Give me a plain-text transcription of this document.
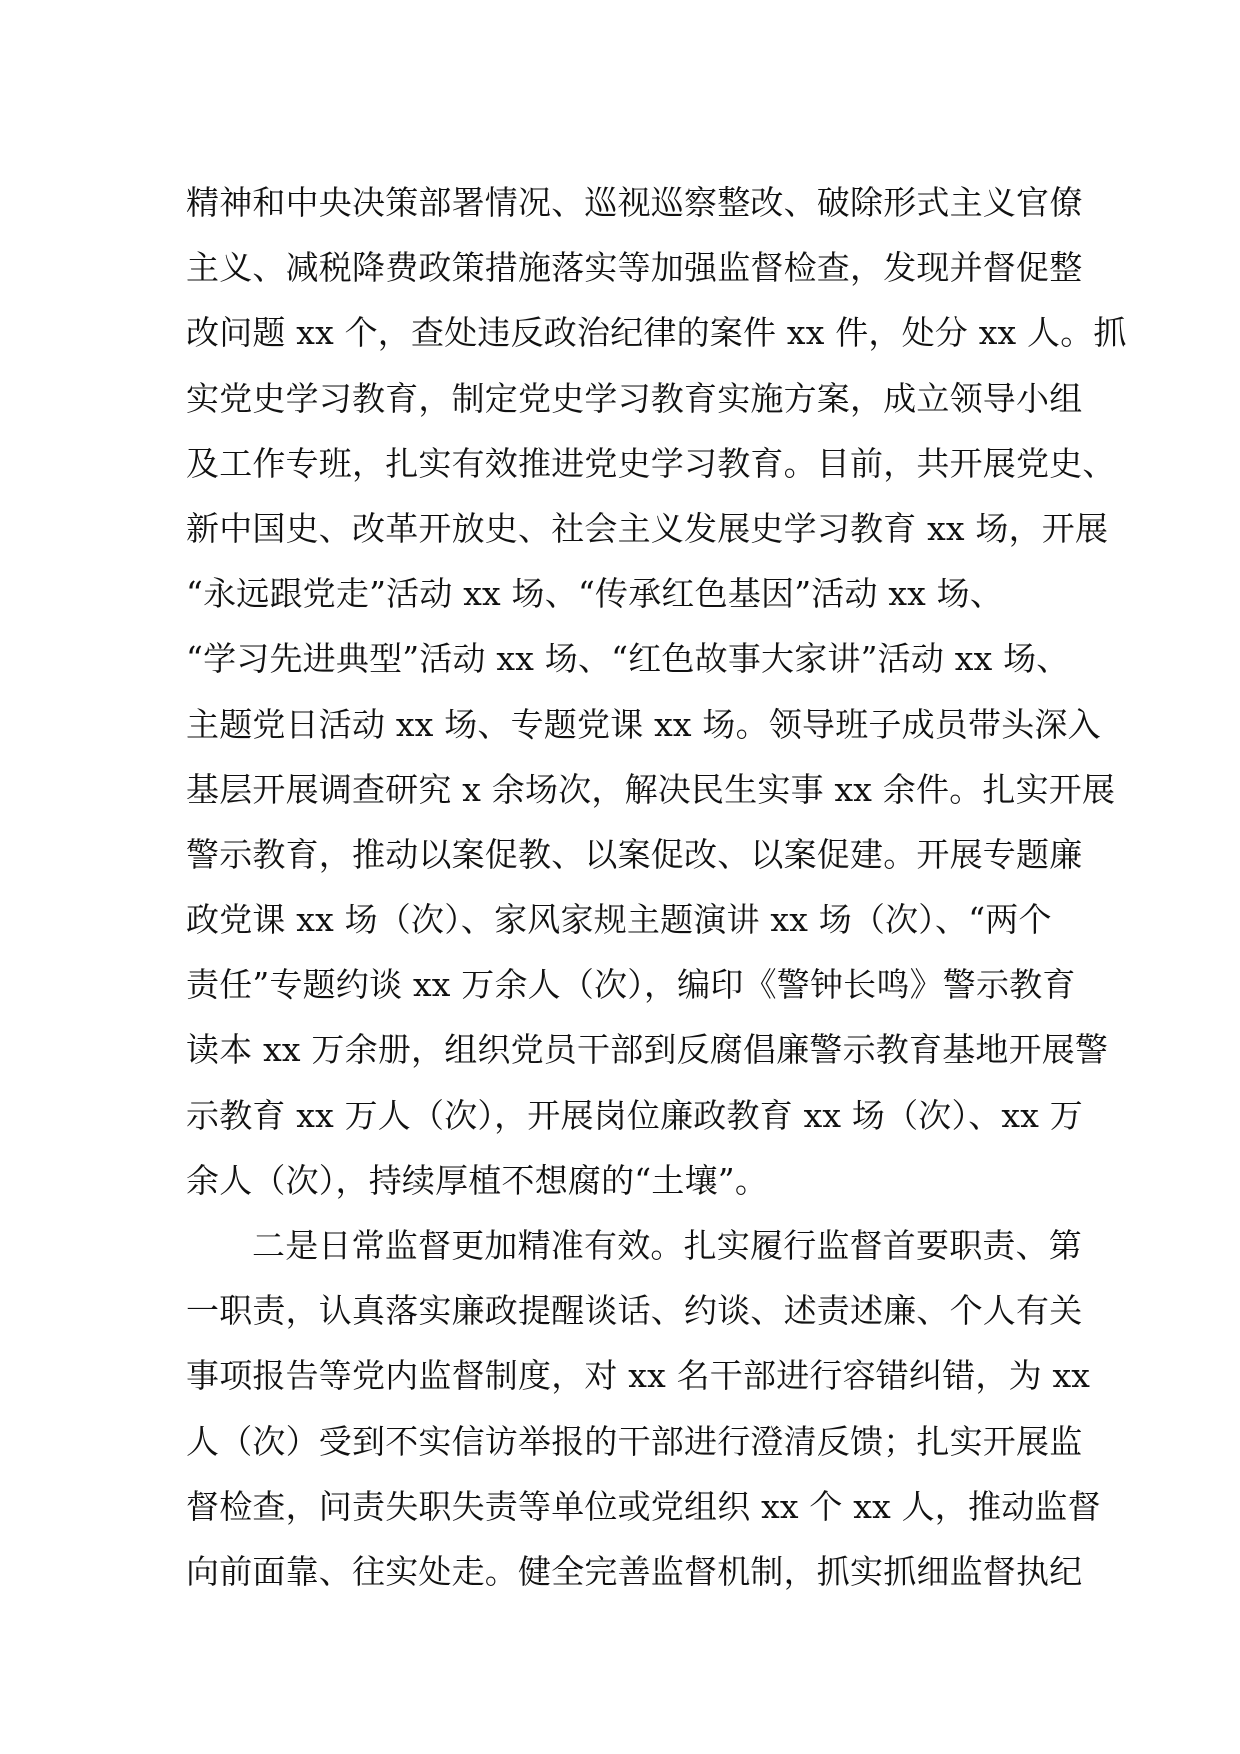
精神和中央决策部署情况、巡视巡察整改、破除形式主义官僚
主义、减税降费政策措施落实等加强监督检查，发现并督促整
改问题 xx 个，查处违反政治纪律的案件 xx 件，处分 xx 人。抓
实党史学习教育，制定党史学习教育实施方案，成立领导小组
及工作专班，扎实有效推进党史学习教育。目前，共开展党史、
新中国史、改革开放史、社会主义发展史学习教育 xx 场，开展
“永远跟党走”活动 xx 场、“传承红色基因”活动 xx 场、
“学习先进典型”活动 xx 场、“红色故事大家讲”活动 xx 场、
主题党日活动 xx 场、专题党课 xx 场。领导班子成员带头深入
基层开展调查研究 x 余场次，解决民生实事 xx 余件。扎实开展
警示教育，推动以案促教、以案促改、以案促建。开展专题廉
政党课 xx 场（次）、家风家规主题演讲 xx 场（次）、“两个
责任”专题约谈 xx 万余人（次），编印《警钟长鸣》警示教育
读本 xx 万余册，组织党员干部到反腐倡廉警示教育基地开展警
示教育 xx 万人（次），开展岗位廉政教育 xx 场（次）、xx 万
余人（次），持续厚植不想腐的“土壤”。
二是日常监督更加精准有效。扎实履行监督首要职责、第
一职责，认真落实廉政提醒谈话、约谈、述责述廉、个人有关
事项报告等党内监督制度，对 xx 名干部进行容错纠错，为 xx
人（次）受到不实信访举报的干部进行澄清反馈；扎实开展监
督检查，问责失职失责等单位或党组织 xx 个 xx 人，推动监督
向前面靠、往实处走。健全完善监督机制，抓实抓细监督执纪
